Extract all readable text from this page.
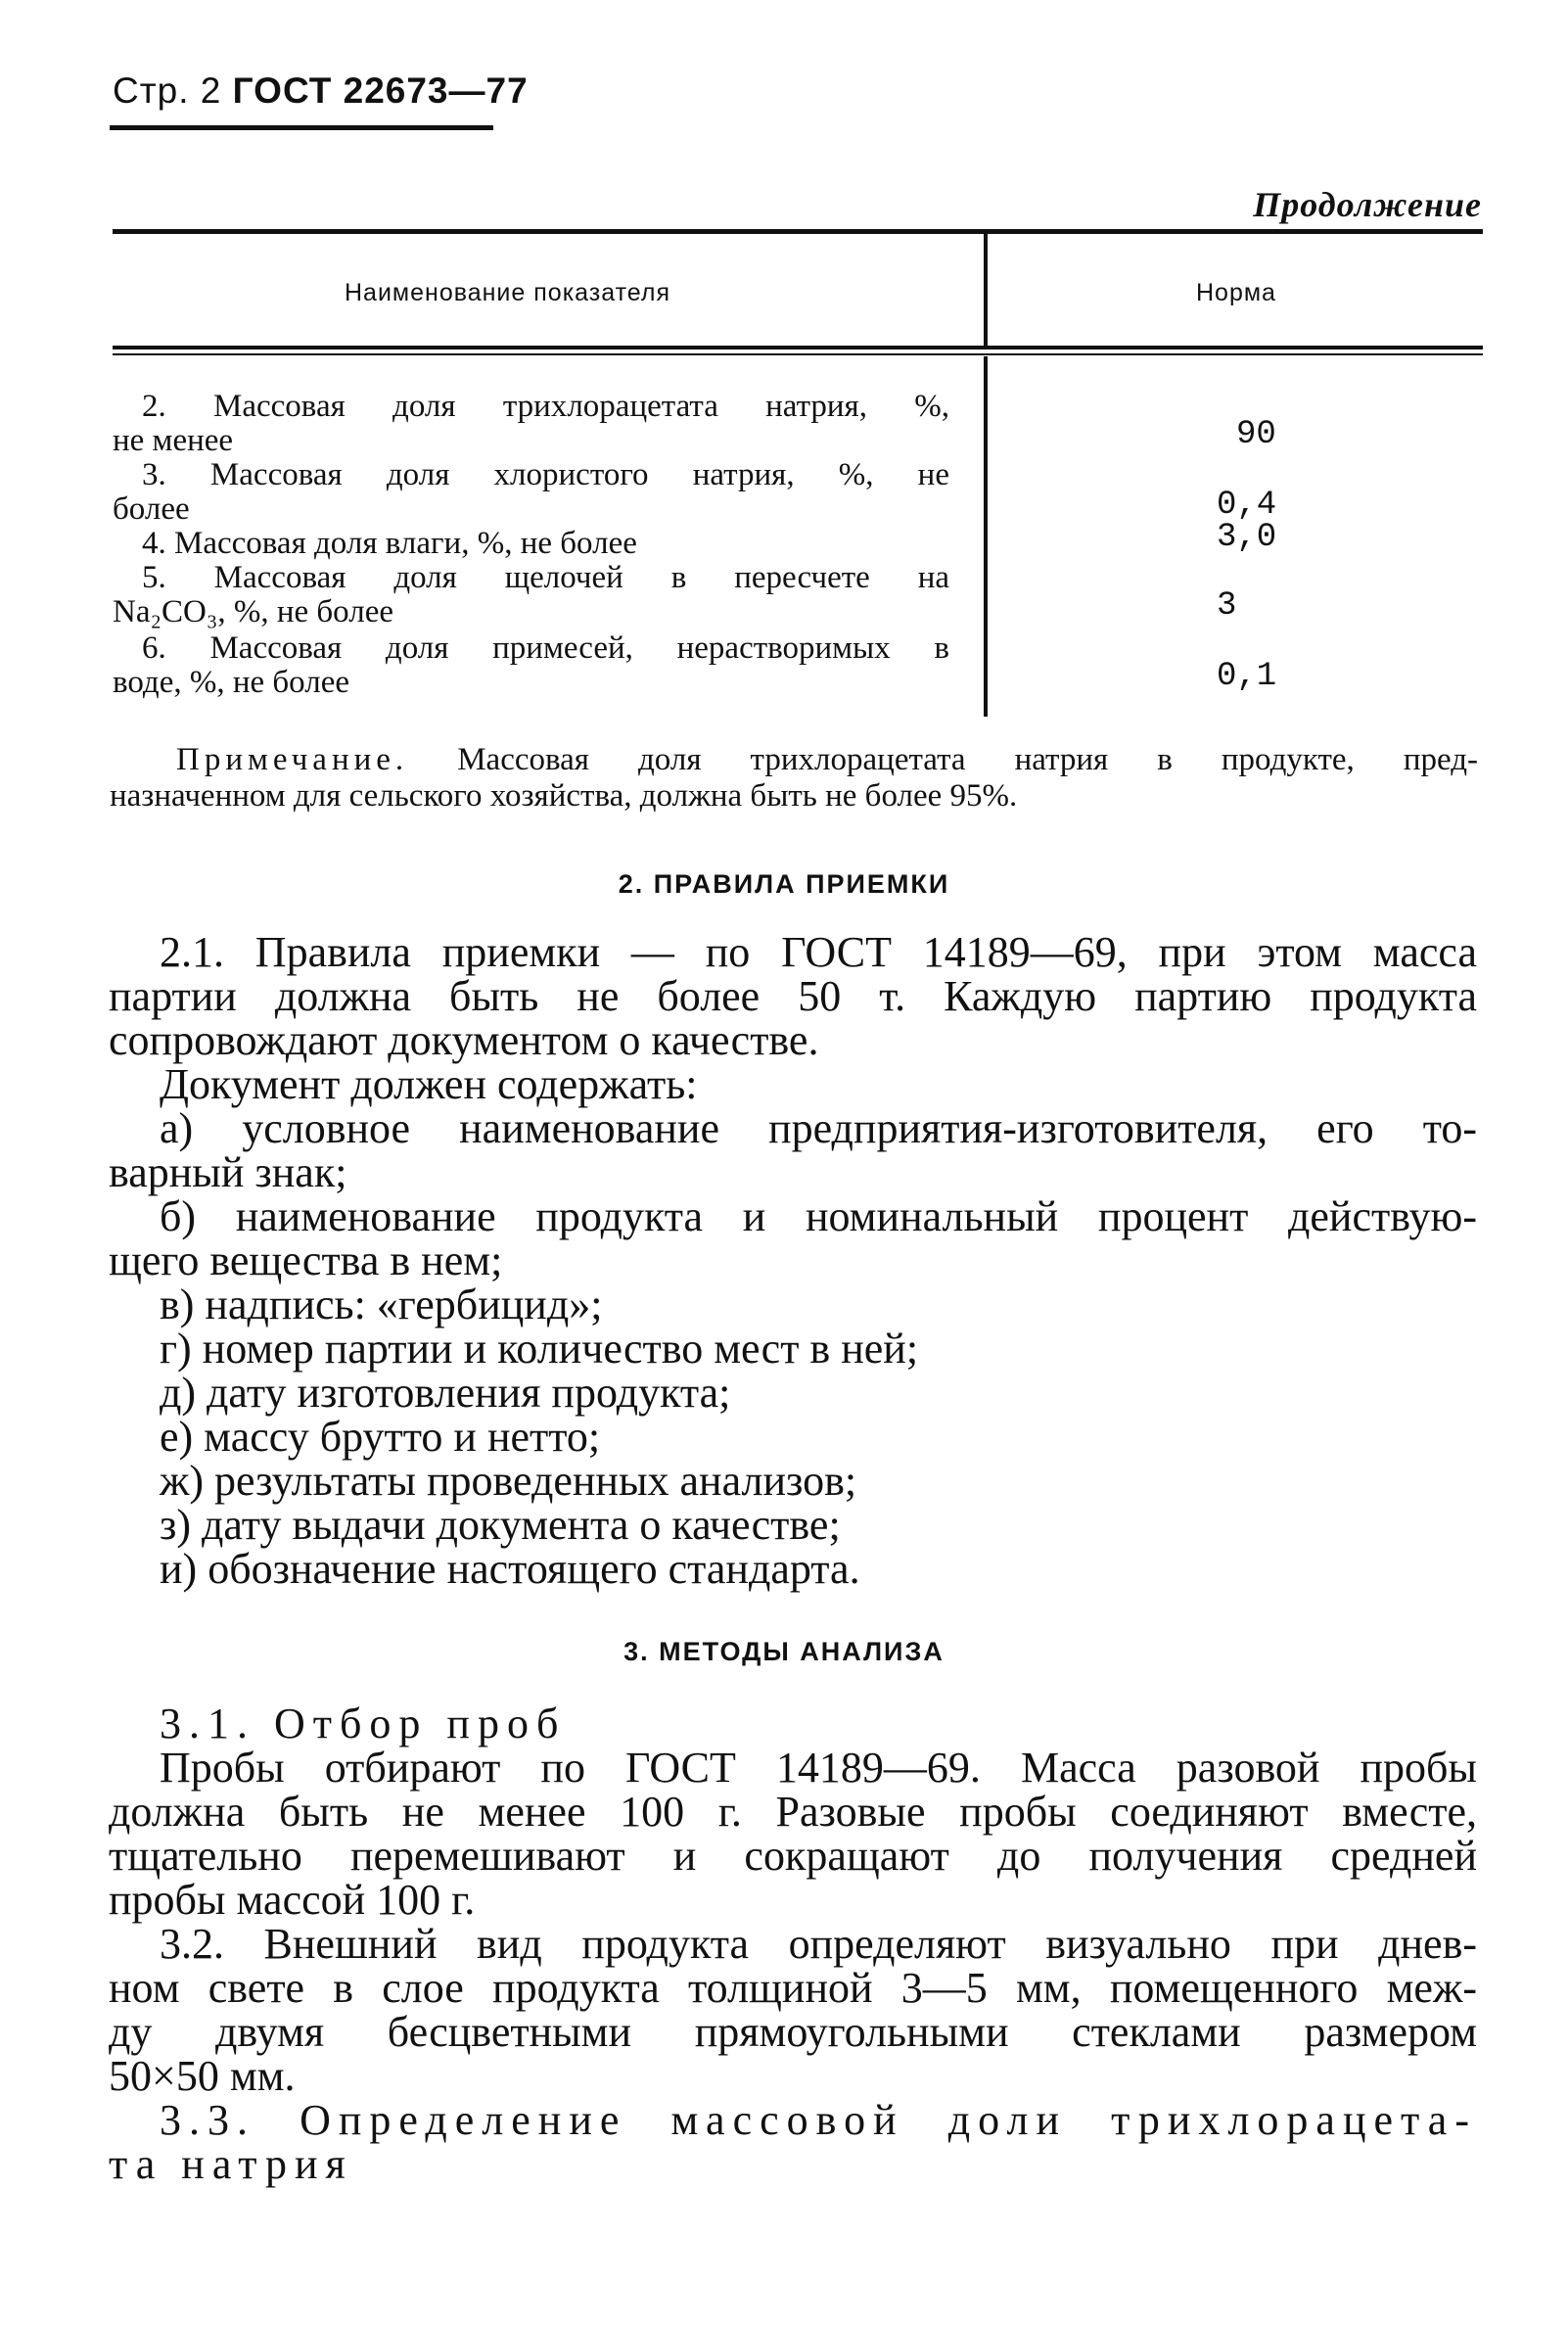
Стр. 2 ГОСТ 22673—77
Продолжение
Наименование показателя	Норма
2. Массовая доля трихлорацетата натрия, %,
не менее	90
3. Массовая доля хлористого натрия, %, не
более	0,4
4. Массовая доля влаги, %, не более	3,0
5. Массовая доля щелочей в пересчете на
Na₂CO₃, %, не более	3
6. Массовая доля примесей, нерастворимых в
воде, %, не более	0,1
Примечание. Массовая доля трихлорацетата натрия в продукте, пред-
назначенном для сельского хозяйства, должна быть не более 95%.
2. ПРАВИЛА ПРИЕМКИ
2.1. Правила приемки — по ГОСТ 14189—69, при этом масса
партии должна быть не более 50 т. Каждую партию продукта
сопровождают документом о качестве.
Документ должен содержать:
а) условное наименование предприятия-изготовителя, его то-
варный знак;
б) наименование продукта и номинальный процент действую-
щего вещества в нем;
в) надпись: «гербицид»;
г) номер партии и количество мест в ней;
д) дату изготовления продукта;
е) массу брутто и нетто;
ж) результаты проведенных анализов;
з) дату выдачи документа о качестве;
и) обозначение настоящего стандарта.
3. МЕТОДЫ АНАЛИЗА
3.1. Отбор проб
Пробы отбирают по ГОСТ 14189—69. Масса разовой пробы
должна быть не менее 100 г. Разовые пробы соединяют вместе,
тщательно перемешивают и сокращают до получения средней
пробы массой 100 г.
3.2. Внешний вид продукта определяют визуально при днев-
ном свете в слое продукта толщиной 3—5 мм, помещенного меж-
ду двумя бесцветными прямоугольными стеклами размером
50×50 мм.
3.3. Определение массовой доли трихлорацета-
та натрия
